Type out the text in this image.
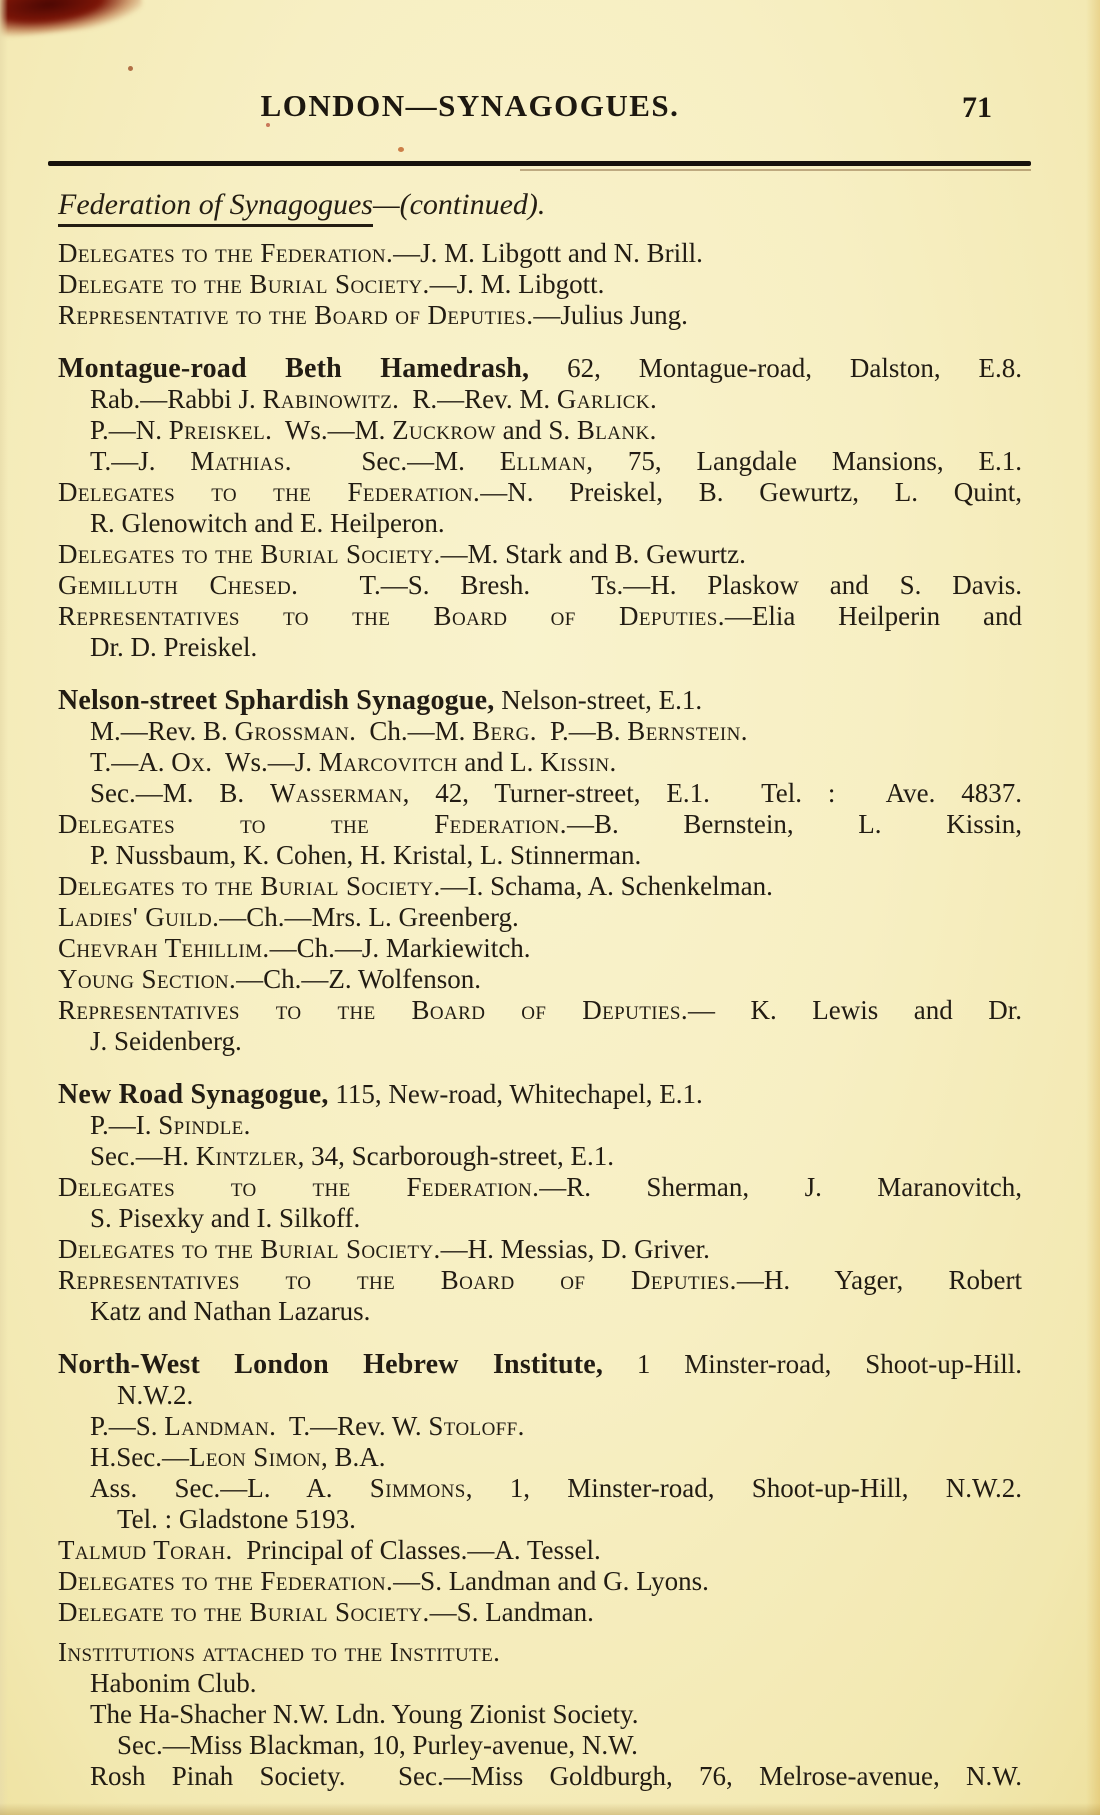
LONDON—SYNAGOGUES.	71
Federation of Synagogues—(continued).
Delegates to the Federation.—J. M. Libgott and N. Brill.
Delegate to the Burial Society.—J. M. Libgott.
Representative to the Board of Deputies.—Julius Jung.
Montague-road Beth Hamedrash, 62, Montague-road, Dalston, E.8.
Rab.—Rabbi J. Rabinowitz.  R.—Rev. M. Garlick.
P.—N. Preiskel.  Ws.—M. Zuckrow and S. Blank.
T.—J. Mathias.  Sec.—M. Ellman, 75, Langdale Mansions, E.1.
Delegates to the Federation.—N. Preiskel, B. Gewurtz, L. Quint,
R. Glenowitch and E. Heilperon.
Delegates to the Burial Society.—M. Stark and B. Gewurtz.
Gemilluth Chesed.  T.—S. Bresh.  Ts.—H. Plaskow and S. Davis.
Representatives to the Board of Deputies.—Elia Heilperin and
Dr. D. Preiskel.
Nelson-street Sphardish Synagogue, Nelson-street, E.1.
M.—Rev. B. Grossman.  Ch.—M. Berg.  P.—B. Bernstein.
T.—A. Ox.  Ws.—J. Marcovitch and L. Kissin.
Sec.—M. B. Wasserman, 42, Turner-street, E.1.  Tel. :  Ave. 4837.
Delegates to the Federation.—B. Bernstein, L. Kissin,
P. Nussbaum, K. Cohen, H. Kristal, L. Stinnerman.
Delegates to the Burial Society.—I. Schama, A. Schenkelman.
Ladies' Guild.—Ch.—Mrs. L. Greenberg.
Chevrah Tehillim.—Ch.—J. Markiewitch.
Young Section.—Ch.—Z. Wolfenson.
Representatives to the Board of Deputies.— K. Lewis and Dr.
J. Seidenberg.
New Road Synagogue, 115, New-road, Whitechapel, E.1.
P.—I. Spindle.
Sec.—H. Kintzler, 34, Scarborough-street, E.1.
Delegates to the Federation.—R. Sherman, J. Maranovitch,
S. Pisexky and I. Silkoff.
Delegates to the Burial Society.—H. Messias, D. Griver.
Representatives to the Board of Deputies.—H. Yager, Robert
Katz and Nathan Lazarus.
North-West London Hebrew Institute, 1 Minster-road, Shoot-up-Hill.
N.W.2.
P.—S. Landman.  T.—Rev. W. Stoloff.
H.Sec.—Leon Simon, B.A.
Ass. Sec.—L. A. Simmons, 1, Minster-road, Shoot-up-Hill, N.W.2.
Tel. : Gladstone 5193.
Talmud Torah.  Principal of Classes.—A. Tessel.
Delegates to the Federation.—S. Landman and G. Lyons.
Delegate to the Burial Society.—S. Landman.
Institutions attached to the Institute.
Habonim Club.
The Ha-Shacher N.W. Ldn. Young Zionist Society.
Sec.—Miss Blackman, 10, Purley-avenue, N.W.
Rosh Pinah Society.  Sec.—Miss Goldburgh, 76, Melrose-avenue, N.W.
